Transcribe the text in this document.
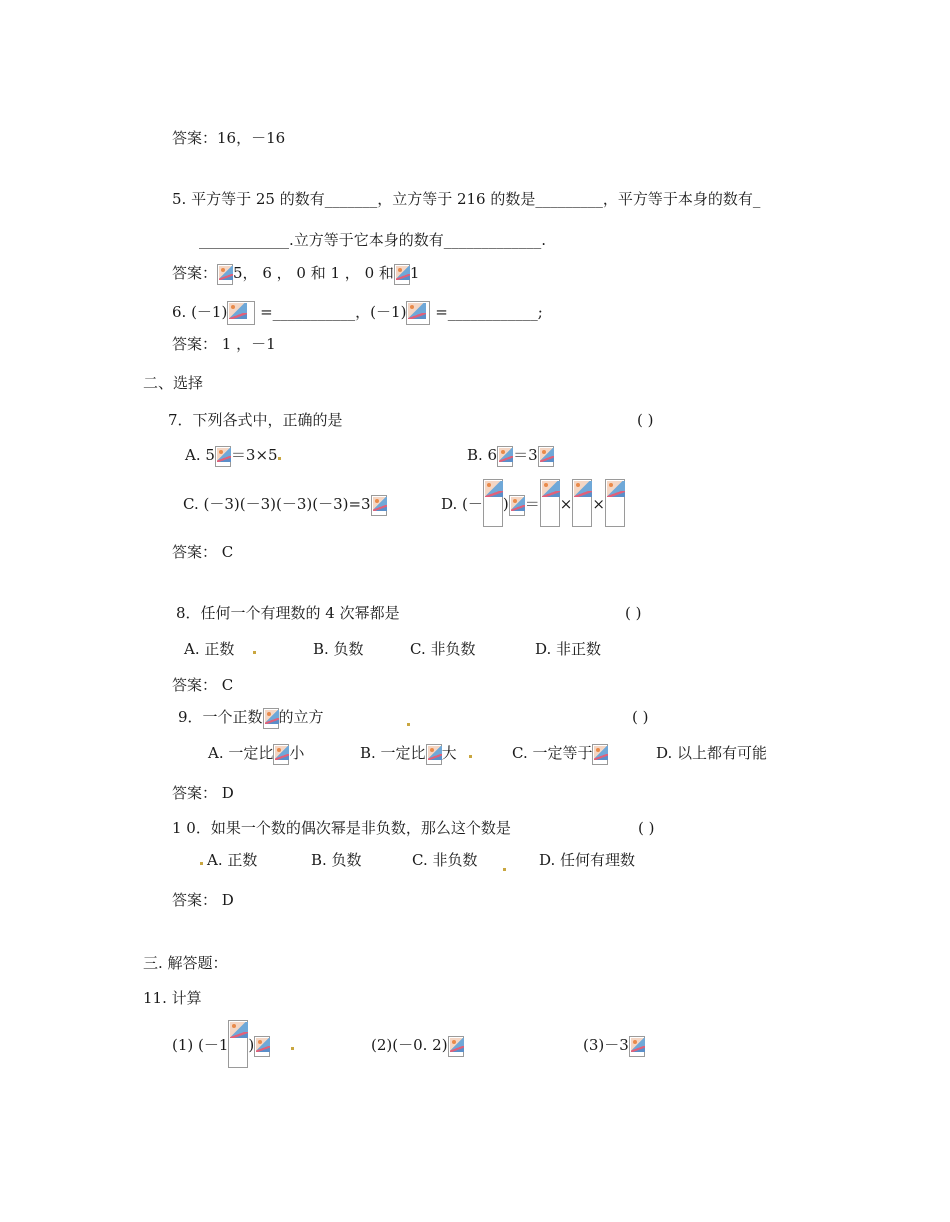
答案：16，－16
5. 平方等于 25 的数有_______，立方等于 216 的数是_________，平方等于本身的数有_
____________.立方等于它本身的数有_____________.
答案： 5， 6 ， 0 和 1 ， 0 和 1
6. (－1) =___________，(－1) =____________;
答案： 1 ，－1
二、选择
7．下列各式中，正确的是	( )
A. 5 ＝3×5	B. 6 ＝3
C. (－3)(－3)(－3)(－3)=3	D. (－ ) ＝ × ×
答案： C
8．任何一个有理数的 4 次幂都是	( )
A. 正数	B. 负数	C. 非负数	D. 非正数
答案： C
9．一个正数 的立方	( )
A. 一定比 小	B. 一定比 大	C. 一定等于	D. 以上都有可能
答案： D
1 0．如果一个数的偶次幂是非负数，那么这个数是	( )
A. 正数	B. 负数	C. 非负数	D. 任何有理数
答案： D
三. 解答题：
11. 计算
(1) (－1 )
	(2)(－0. 2)	(3)－3
